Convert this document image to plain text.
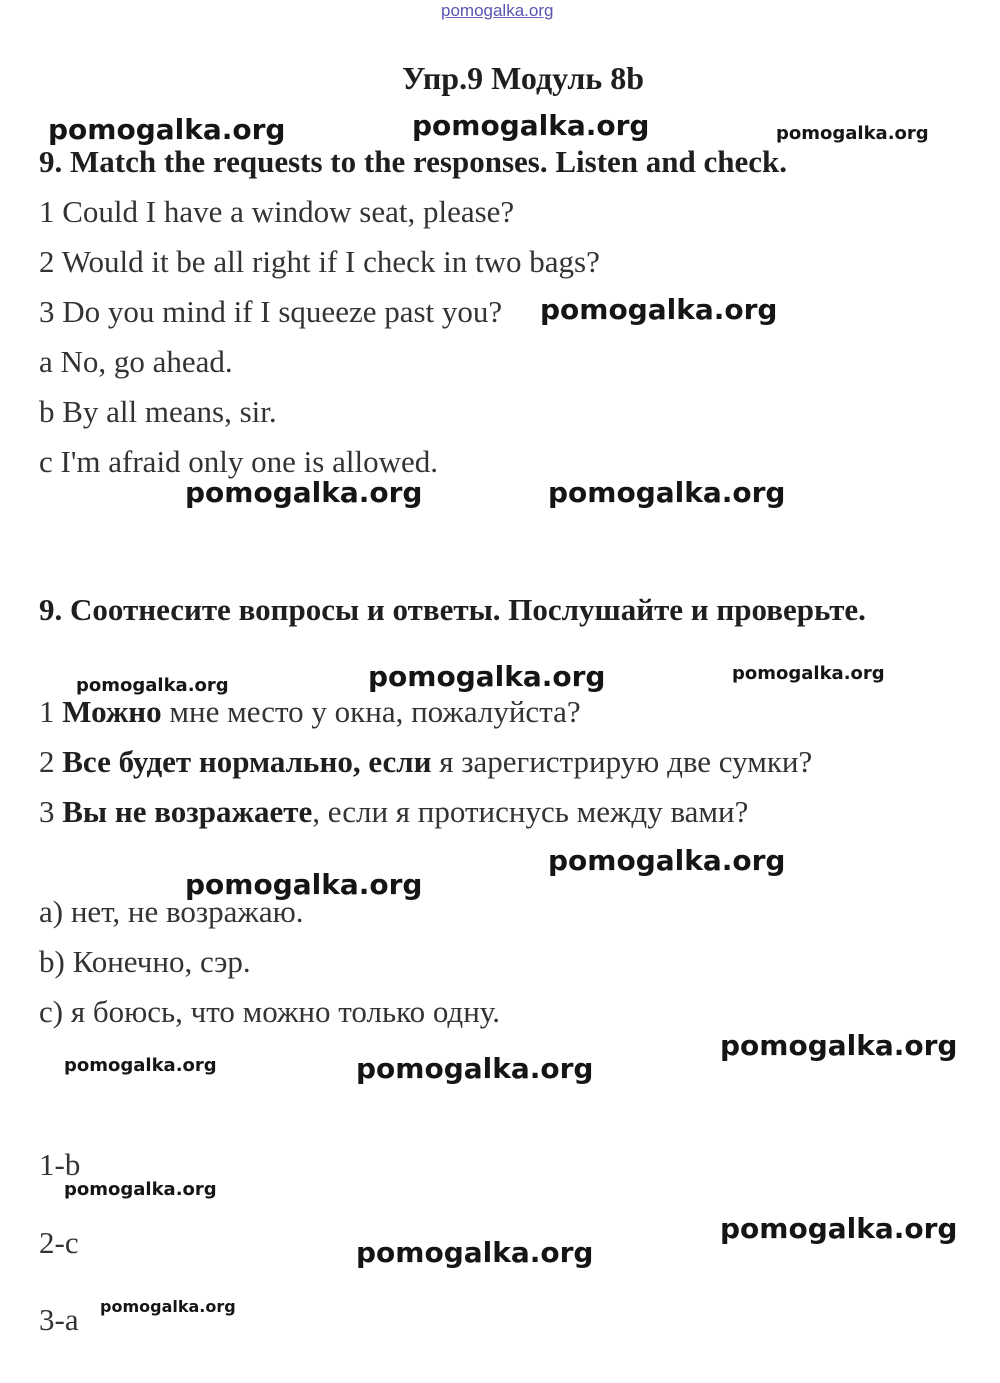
pomogalka.org
Упр.9 Модуль 8b
9. Match the requests to the responses. Listen and check.
1 Could I have a window seat, please?
2 Would it be all right if I check in two bags?
3 Do you mind if I squeeze past you?
a No, go ahead.
b By all means, sir.
c I'm afraid only one is allowed.
9. Соотнесите вопросы и ответы. Послушайте и проверьте.
1 Можно мне место у окна, пожалуйста?
2 Все будет нормально, если я зарегистрирую две сумки?
3 Вы не возражаете, если я протиснусь между вами?
a) нет, не возражаю.
b) Конечно, сэр.
c) я боюсь, что можно только одну.
1-b
2-c
3-a
pomogalka.org	pomogalka.org	pomogalka.org
pomogalka.org
pomogalka.org	pomogalka.org
pomogalka.org	pomogalka.org	pomogalka.org
pomogalka.org
pomogalka.org
pomogalka.org
pomogalka.org	pomogalka.org
pomogalka.org
pomogalka.org
pomogalka.org
pomogalka.org
